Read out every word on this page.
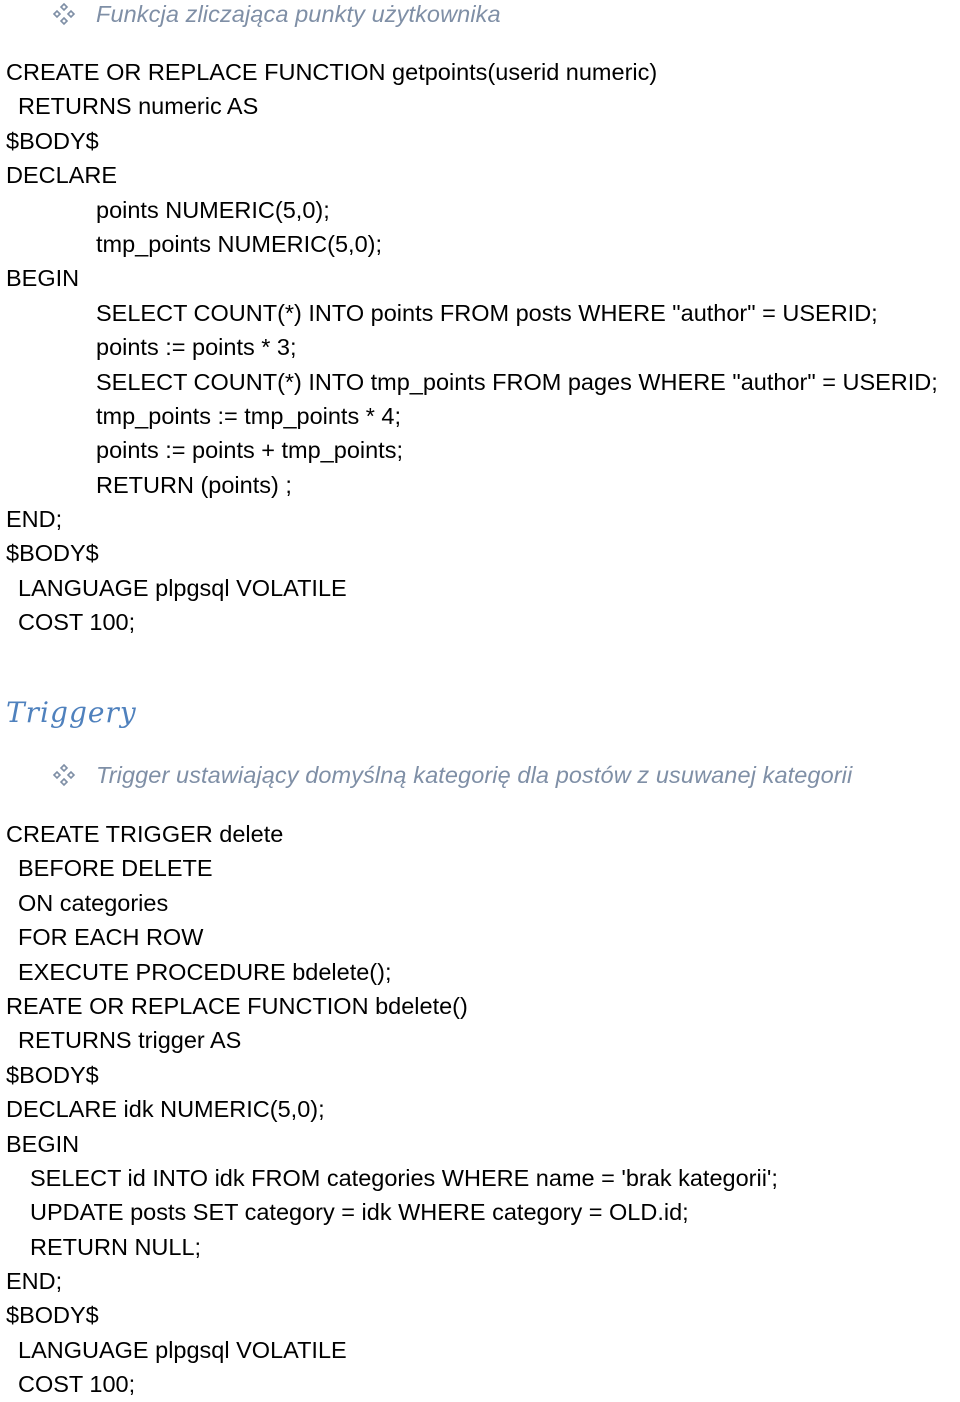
Funkcja zliczająca punkty użytkownika
CREATE OR REPLACE FUNCTION getpoints(userid numeric)
RETURNS numeric AS
$BODY$
DECLARE
points NUMERIC(5,0);
tmp_points NUMERIC(5,0);
BEGIN
SELECT COUNT(*) INTO points FROM posts WHERE "author" = USERID;
points := points * 3;
SELECT COUNT(*) INTO tmp_points FROM pages WHERE "author" = USERID;
tmp_points := tmp_points * 4;
points := points + tmp_points;
RETURN (points) ;
END;
$BODY$
LANGUAGE plpgsql VOLATILE
COST 100;
Triggery
Trigger ustawiający domyślną kategorię dla postów z usuwanej kategorii
CREATE TRIGGER delete
BEFORE DELETE
ON categories
FOR EACH ROW
EXECUTE PROCEDURE bdelete();
REATE OR REPLACE FUNCTION bdelete()
RETURNS trigger AS
$BODY$
DECLARE idk NUMERIC(5,0);
BEGIN
SELECT id INTO idk FROM categories WHERE name = 'brak kategorii';
UPDATE posts SET category = idk WHERE category = OLD.id;
RETURN NULL;
END;
$BODY$
LANGUAGE plpgsql VOLATILE
COST 100;
